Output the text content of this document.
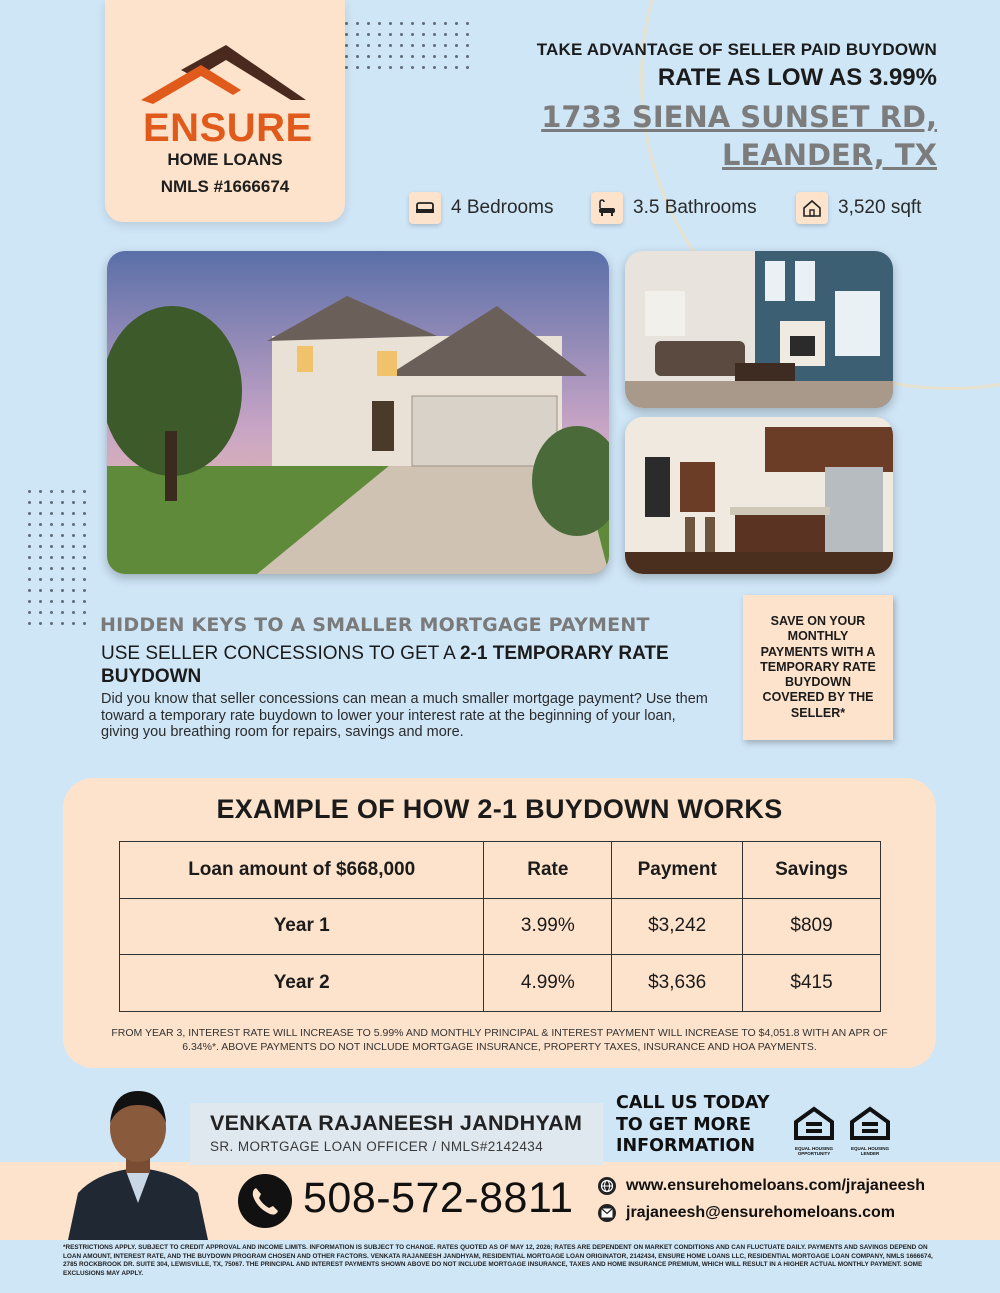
ENSURE
HOME LOANS
NMLS #1666674
TAKE ADVANTAGE OF SELLER PAID BUYDOWN
RATE AS LOW AS 3.99%
1733 SIENA SUNSET RD,
LEANDER, TX
4 Bedrooms	3.5 Bathrooms	3,520 sqft
HIDDEN KEYS TO A SMALLER MORTGAGE PAYMENT
USE SELLER CONCESSIONS TO GET A 2-1 TEMPORARY RATE BUYDOWN
Did you know that seller concessions can mean a much smaller mortgage payment? Use them toward a temporary rate buydown to lower your interest rate at the beginning of your loan, giving you breathing room for repairs, savings and more.
SAVE ON YOUR MONTHLY PAYMENTS WITH A TEMPORARY RATE BUYDOWN COVERED BY THE SELLER*
EXAMPLE OF HOW 2-1 BUYDOWN WORKS
Loan amount of $668,000	Rate	Payment	Savings
Year 1	3.99%	$3,242	$809
Year 2	4.99%	$3,636	$415
FROM YEAR 3, INTEREST RATE WILL INCREASE TO 5.99% AND MONTHLY PRINCIPAL & INTEREST PAYMENT WILL INCREASE TO $4,051.8 WITH AN APR OF 6.34%*. ABOVE PAYMENTS DO NOT INCLUDE MORTGAGE INSURANCE, PROPERTY TAXES, INSURANCE AND HOA PAYMENTS.
VENKATA RAJANEESH JANDHYAM
SR. MORTGAGE LOAN OFFICER / NMLS#2142434
CALL US TODAY
TO GET MORE
INFORMATION	EQUAL HOUSING OPPORTUNITY
EQUAL HOUSING LENDER
508-572-8811	www.ensurehomeloans.com/jrajaneesh
jrajaneesh@ensurehomeloans.com
*RESTRICTIONS APPLY. SUBJECT TO CREDIT APPROVAL AND INCOME LIMITS. INFORMATION IS SUBJECT TO CHANGE. RATES QUOTED AS OF MAY 12, 2026; RATES ARE DEPENDENT ON MARKET CONDITIONS AND CAN FLUCTUATE DAILY. PAYMENTS AND SAVINGS DEPEND ON LOAN AMOUNT, INTEREST RATE, AND THE BUYDOWN PROGRAM CHOSEN AND OTHER FACTORS. VENKATA RAJANEESH JANDHYAM, RESIDENTIAL MORTGAGE LOAN ORIGINATOR, 2142434, ENSURE HOME LOANS LLC, RESIDENTIAL MORTGAGE LOAN COMPANY, NMLS 1666674, 2785 ROCKBROOK DR. SUITE 304, LEWISVILLE, TX, 75067. THE PRINCIPAL AND INTEREST PAYMENTS SHOWN ABOVE DO NOT INCLUDE MORTGAGE INSURANCE, TAXES AND HOME INSURANCE PREMIUM, WHICH WILL RESULT IN A HIGHER ACTUAL MONTHLY PAYMENT. SOME EXCLUSIONS MAY APPLY.
